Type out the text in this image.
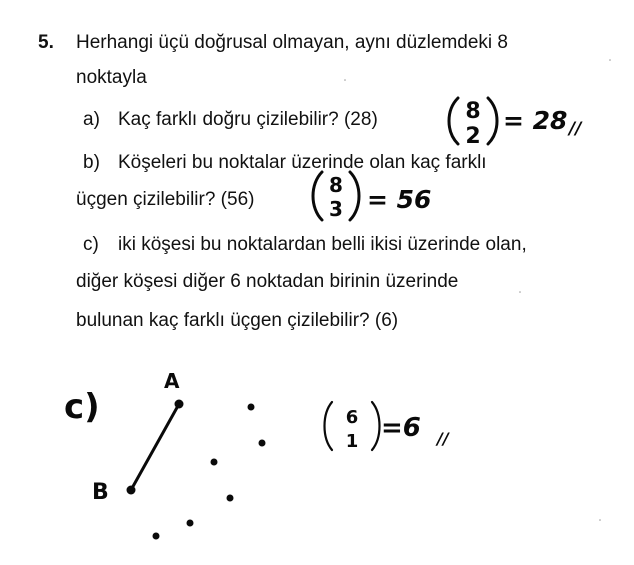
5. Herhangi üçü doğrusal olmayan, aynı düzlemdeki 8
noktayla
a) Kaç farklı doğru çizilebilir? (28)
b) Köşeleri bu noktalar üzerinde olan kaç farklı
üçgen çizilebilir? (56)
c) iki köşesi bu noktalardan belli ikisi üzerinde olan,
diğer köşesi diğer 6 noktadan birinin üzerinde
bulunan kaç farklı üçgen çizilebilir? (6)
8
2
= 28 //
8
3 = 56
c)
A
B
6
1 =6 //
